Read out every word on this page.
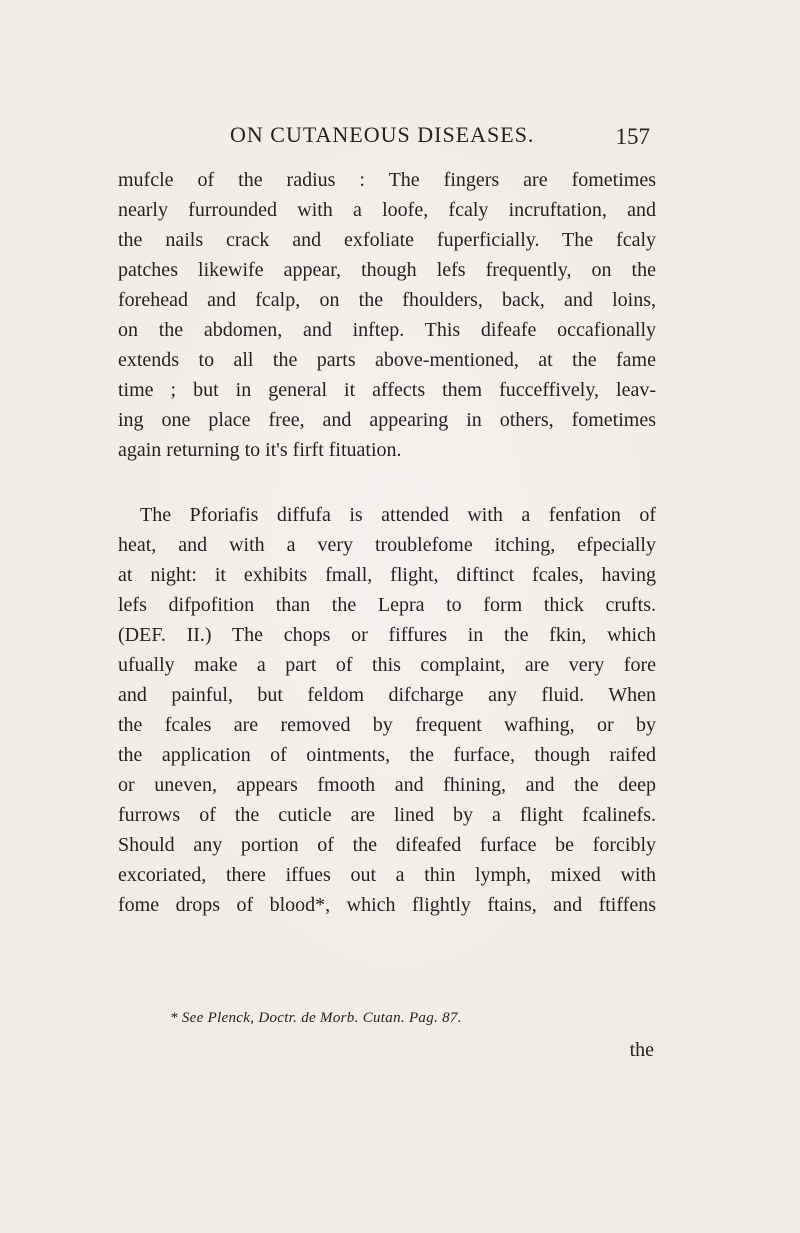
ON CUTANEOUS DISEASES.	157
mufcle of the radius : The fingers are fometimes
nearly furrounded with a loofe, fcaly incruftation, and
the nails crack and exfoliate fuperficially. The fcaly
patches likewife appear, though lefs frequently, on the
forehead and fcalp, on the fhoulders, back, and loins,
on the abdomen, and inftep. This difeafe occafionally
extends to all the parts above-mentioned, at the fame
time ; but in general it affects them fucceffively, leav-
ing one place free, and appearing in others, fometimes
again returning to it's firft fituation.
The Pforiafis diffufa is attended with a fenfation of
heat, and with a very troublefome itching, efpecially
at night: it exhibits fmall, flight, diftinct fcales, having
lefs difpofition than the Lepra to form thick crufts.
(DEF. II.) The chops or fiffures in the fkin, which
ufually make a part of this complaint, are very fore
and painful, but feldom difcharge any fluid. When
the fcales are removed by frequent wafhing, or by
the application of ointments, the furface, though raifed
or uneven, appears fmooth and fhining, and the deep
furrows of the cuticle are lined by a flight fcalinefs.
Should any portion of the difeafed furface be forcibly
excoriated, there iffues out a thin lymph, mixed with
fome drops of blood*, which flightly ftains, and ftiffens
* See Plenck, Doctr. de Morb. Cutan. Pag. 87.
the
